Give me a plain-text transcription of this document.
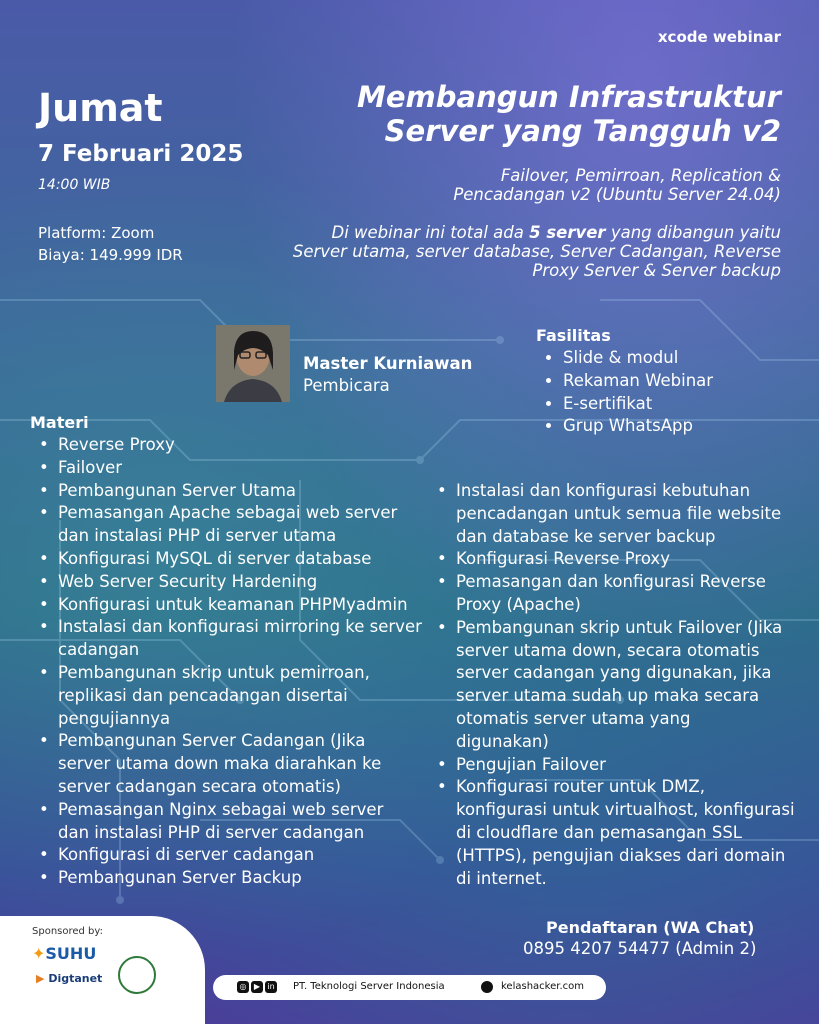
xcode webinar
Jumat
7 Februari 2025
14:00 WIB
Platform: Zoom
Biaya: 149.999 IDR
Membangun Infrastruktur
Server yang Tangguh v2
Failover, Pemirroan, Replication &
Pencadangan v2 (Ubuntu Server 24.04)
Di webinar ini total ada 5 server yang dibangun yaitu
Server utama, server database, Server Cadangan, Reverse
Proxy Server & Server backup
Master Kurniawan
Pembicara
Fasilitas
• Slide & modul
• Rekaman Webinar
• E-sertifikat
• Grup WhatsApp
Materi
• Reverse Proxy
• Failover
• Pembangunan Server Utama
• Pemasangan Apache sebagai web server
dan instalasi PHP di server utama
• Konfigurasi MySQL di server database
• Web Server Security Hardening
• Konfigurasi untuk keamanan PHPMyadmin
• Instalasi dan konfigurasi mirroring ke server
cadangan
• Pembangunan skrip untuk pemirroan,
replikasi dan pencadangan disertai
pengujiannya
• Pembangunan Server Cadangan (Jika
server utama down maka diarahkan ke
server cadangan secara otomatis)
• Pemasangan Nginx sebagai web server
dan instalasi PHP di server cadangan
• Konfigurasi di server cadangan
• Pembangunan Server Backup
• Instalasi dan konfigurasi kebutuhan
pencadangan untuk semua file website
dan database ke server backup
• Konfigurasi Reverse Proxy
• Pemasangan dan konfigurasi Reverse
Proxy (Apache)
• Pembangunan skrip untuk Failover (Jika
server utama down, secara otomatis
server cadangan yang digunakan, jika
server utama sudah up maka secara
otomatis server utama yang
digunakan)
• Pengujian Failover
• Konfigurasi router untuk DMZ,
konfigurasi untuk virtualhost, konfigurasi
di cloudflare dan pemasangan SSL
(HTTPS), pengujian diakses dari domain
di internet.
Pendaftaran (WA Chat)
0895 4207 54477 (Admin 2)
Sponsored by:
✦SUHU
▶ Digtanet
◎ ▶ in PT. Teknologi Server Indonesia	kelashacker.com
